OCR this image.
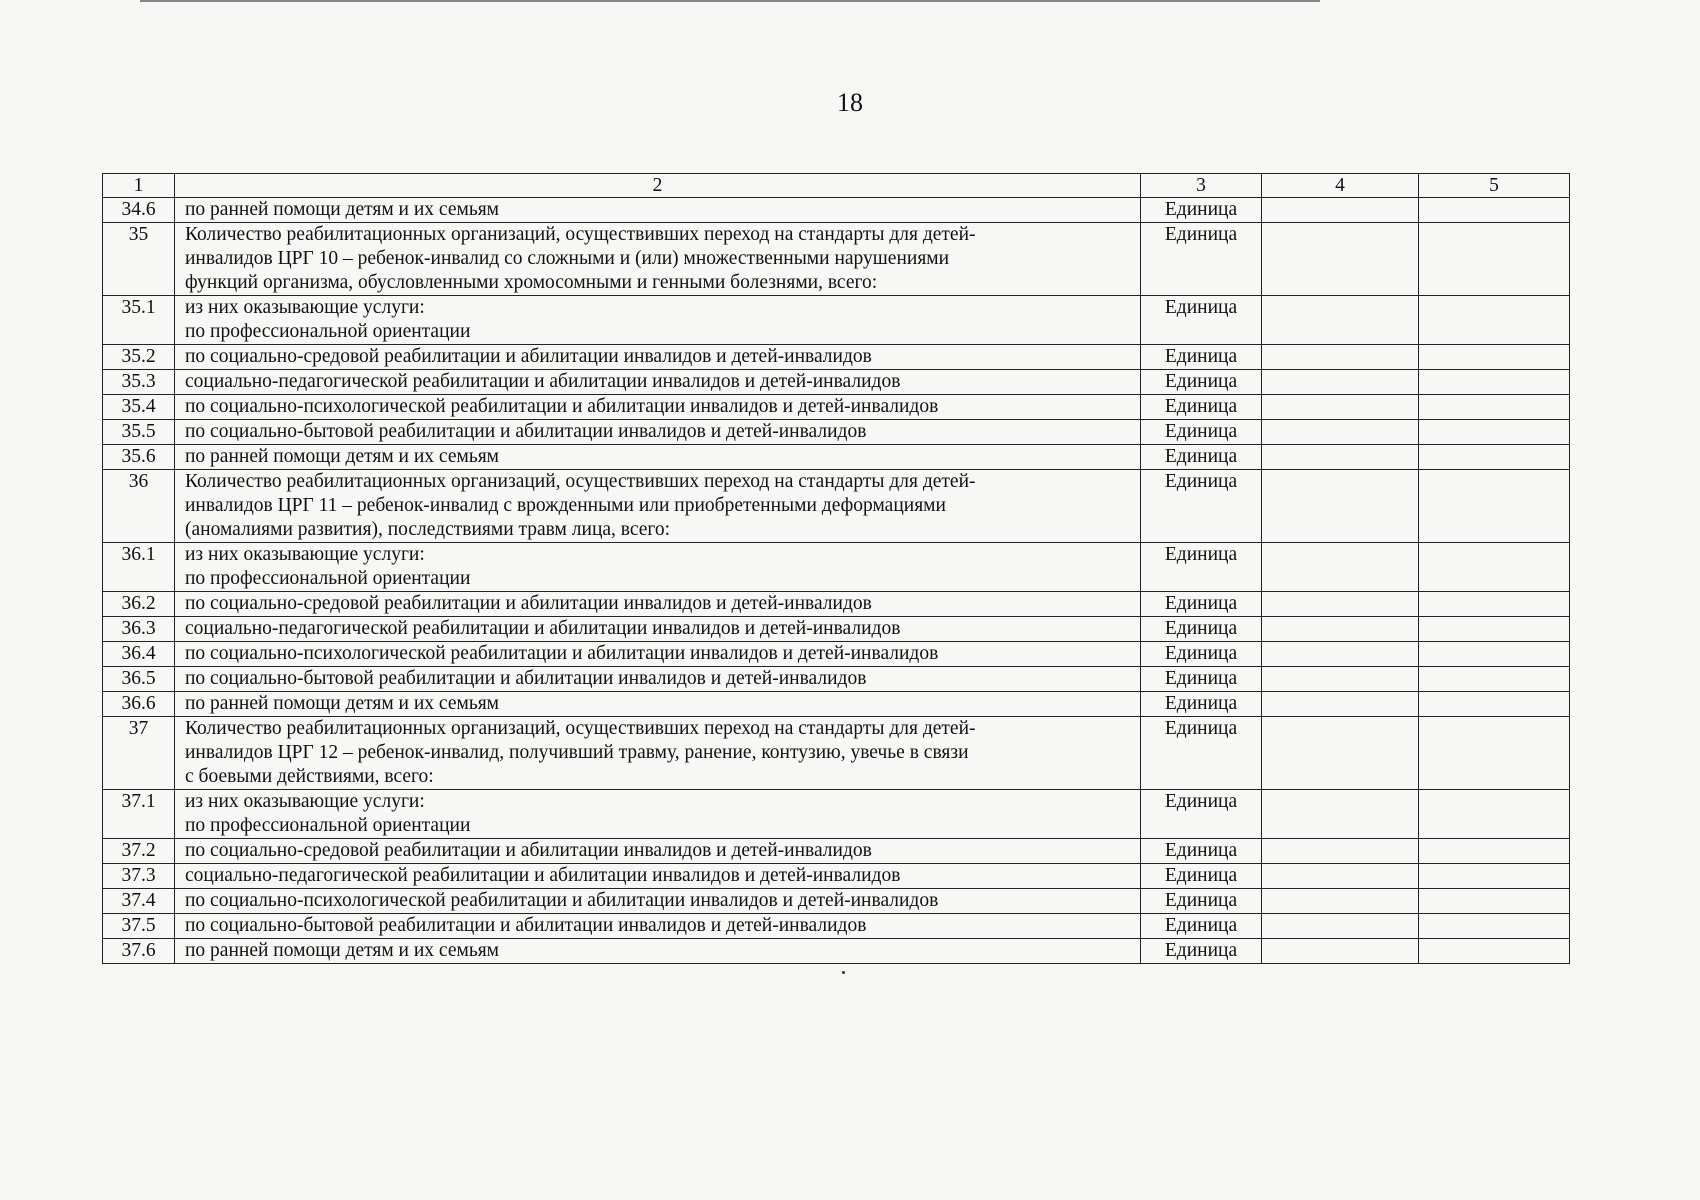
18
1	2	3	4	5
34.6	по ранней помощи детям и их семьям	Единица		
35	Количество реабилитационных организаций, осуществивших переход на стандарты для детей-
инвалидов ЦРГ 10 – ребенок-инвалид со сложными и (или) множественными нарушениями
функций организма, обусловленными хромосомными и генными болезнями, всего:	Единица		
35.1	из них оказывающие услуги:
по профессиональной ориентации	Единица		
35.2	по социально-средовой реабилитации и абилитации инвалидов и детей-инвалидов	Единица		
35.3	социально-педагогической реабилитации и абилитации инвалидов и детей-инвалидов	Единица		
35.4	по социально-психологической реабилитации и абилитации инвалидов и детей-инвалидов	Единица		
35.5	по социально-бытовой реабилитации и абилитации инвалидов и детей-инвалидов	Единица		
35.6	по ранней помощи детям и их семьям	Единица		
36	Количество реабилитационных организаций, осуществивших переход на стандарты для детей-
инвалидов ЦРГ 11 – ребенок-инвалид с врожденными или приобретенными деформациями
(аномалиями развития), последствиями травм лица, всего:	Единица		
36.1	из них оказывающие услуги:
по профессиональной ориентации	Единица		
36.2	по социально-средовой реабилитации и абилитации инвалидов и детей-инвалидов	Единица		
36.3	социально-педагогической реабилитации и абилитации инвалидов и детей-инвалидов	Единица		
36.4	по социально-психологической реабилитации и абилитации инвалидов и детей-инвалидов	Единица		
36.5	по социально-бытовой реабилитации и абилитации инвалидов и детей-инвалидов	Единица		
36.6	по ранней помощи детям и их семьям	Единица		
37	Количество реабилитационных организаций, осуществивших переход на стандарты для детей-
инвалидов ЦРГ 12 – ребенок-инвалид, получивший травму, ранение, контузию, увечье в связи
с боевыми действиями, всего:	Единица		
37.1	из них оказывающие услуги:
по профессиональной ориентации	Единица		
37.2	по социально-средовой реабилитации и абилитации инвалидов и детей-инвалидов	Единица		
37.3	социально-педагогической реабилитации и абилитации инвалидов и детей-инвалидов	Единица		
37.4	по социально-психологической реабилитации и абилитации инвалидов и детей-инвалидов	Единица		
37.5	по социально-бытовой реабилитации и абилитации инвалидов и детей-инвалидов	Единица		
37.6	по ранней помощи детям и их семьям	Единица		
